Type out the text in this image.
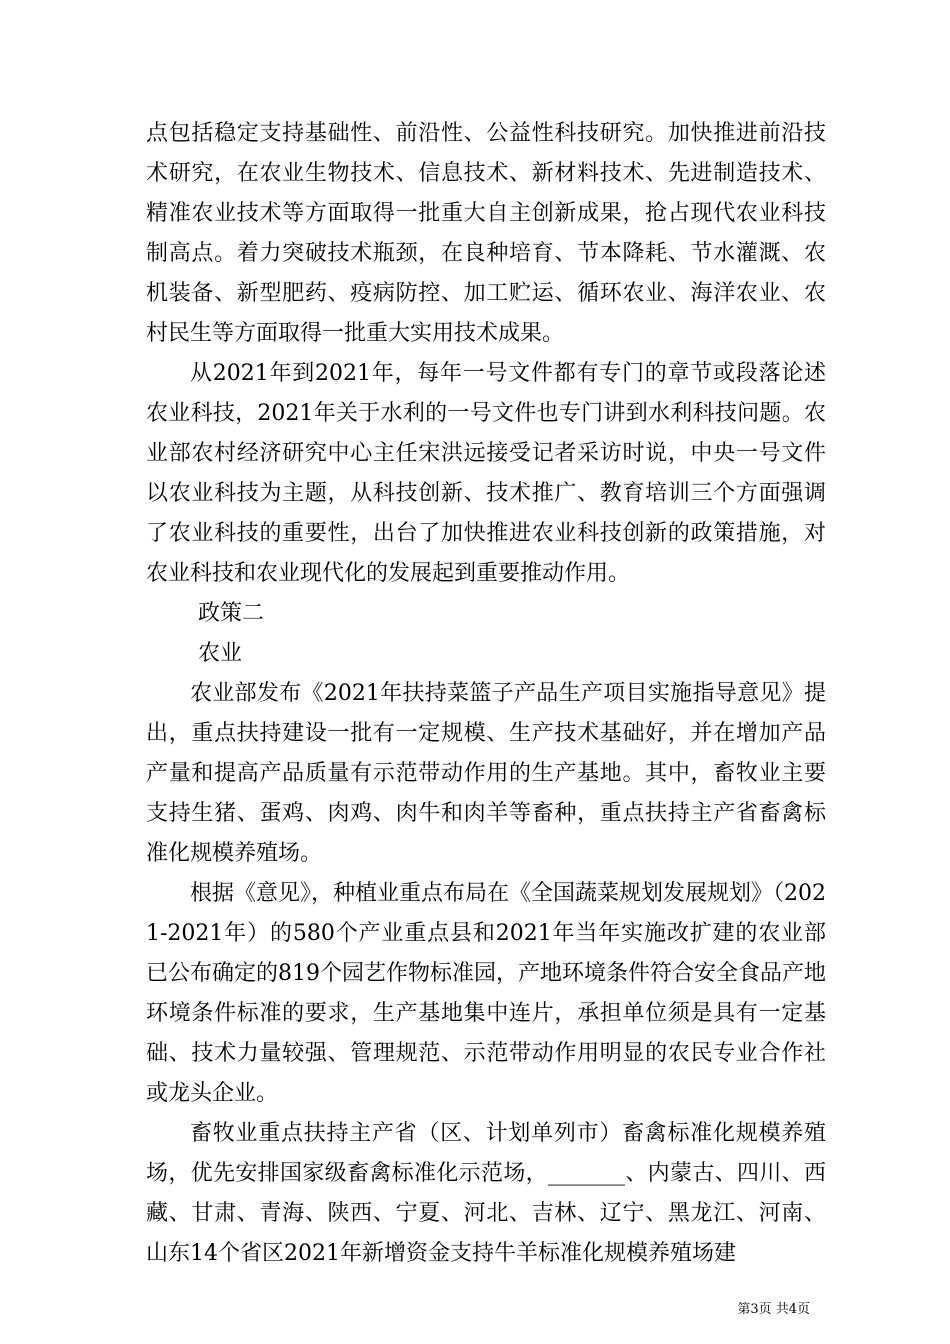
点包括稳定支持基础性、前沿性、公益性科技研究。加快推进前沿技术研究，在农业生物技术、信息技术、新材料技术、先进制造技术、精准农业技术等方面取得一批重大自主创新成果，抢占现代农业科技制高点。着力突破技术瓶颈，在良种培育、节本降耗、节水灌溉、农机装备、新型肥药、疫病防控、加工贮运、循环农业、海洋农业、农村民生等方面取得一批重大实用技术成果。

从2021年到2021年，每年一号文件都有专门的章节或段落论述农业科技，2021年关于水利的一号文件也专门讲到水利科技问题。农业部农村经济研究中心主任宋洪远接受记者采访时说，中央一号文件以农业科技为主题，从科技创新、技术推广、教育培训三个方面强调了农业科技的重要性，出台了加快推进农业科技创新的政策措施，对农业科技和农业现代化的发展起到重要推动作用。

政策二

农业

农业部发布《2021年扶持菜篮子产品生产项目实施指导意见》提出，重点扶持建设一批有一定规模、生产技术基础好，并在增加产品产量和提高产品质量有示范带动作用的生产基地。其中，畜牧业主要支持生猪、蛋鸡、肉鸡、肉牛和肉羊等畜种，重点扶持主产省畜禽标准化规模养殖场。

根据《意见》，种植业重点布局在《全国蔬菜规划发展规划》（2021-2021年）的580个产业重点县和2021年当年实施改扩建的农业部已公布确定的819个园艺作物标准园，产地环境条件符合安全食品产地环境条件标准的要求，生产基地集中连片，承担单位须是具有一定基础、技术力量较强、管理规范、示范带动作用明显的农民专业合作社或龙头企业。

畜牧业重点扶持主产省（区、计划单列市）畜禽标准化规模养殖场，优先安排国家级畜禽标准化示范场，_______、内蒙古、四川、西藏、甘肃、青海、陕西、宁夏、河北、吉林、辽宁、黑龙江、河南、山东14个省区2021年新增资金支持牛羊标准化规模养殖场建

第3页 共4页
